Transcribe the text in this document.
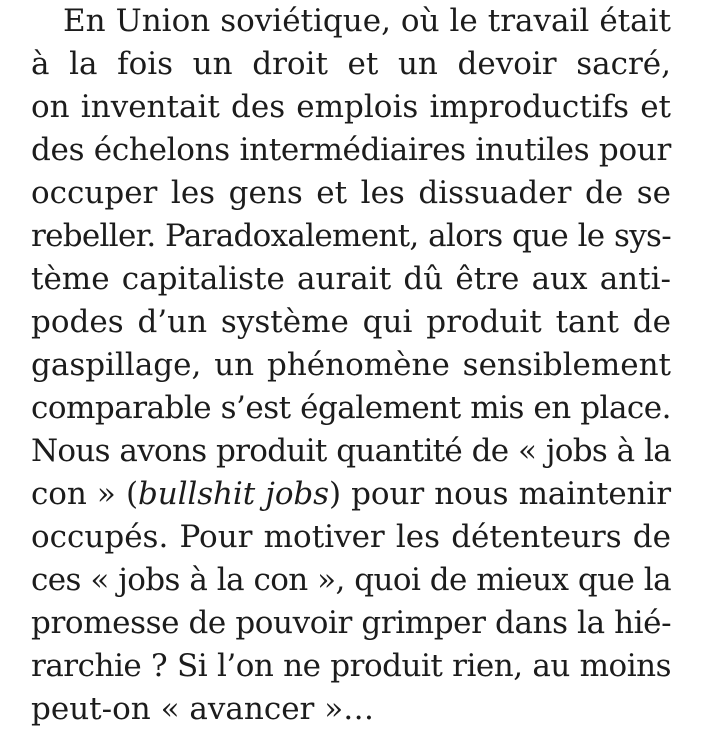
En Union soviétique, où le travail était
à la fois un droit et un devoir sacré,
on inventait des emplois improductifs et
des échelons intermédiaires inutiles pour
occuper les gens et les dissuader de se
rebeller. Paradoxalement, alors que le sys-
tème capitaliste aurait dû être aux anti-
podes d’un système qui produit tant de
gaspillage, un phénomène sensiblement
comparable s’est également mis en place.
Nous avons produit quantité de « jobs à la
con » (bullshit jobs) pour nous maintenir
occupés. Pour motiver les détenteurs de
ces « jobs à la con », quoi de mieux que la
promesse de pouvoir grimper dans la hié-
rarchie ? Si l’on ne produit rien, au moins
peut-on « avancer »…
